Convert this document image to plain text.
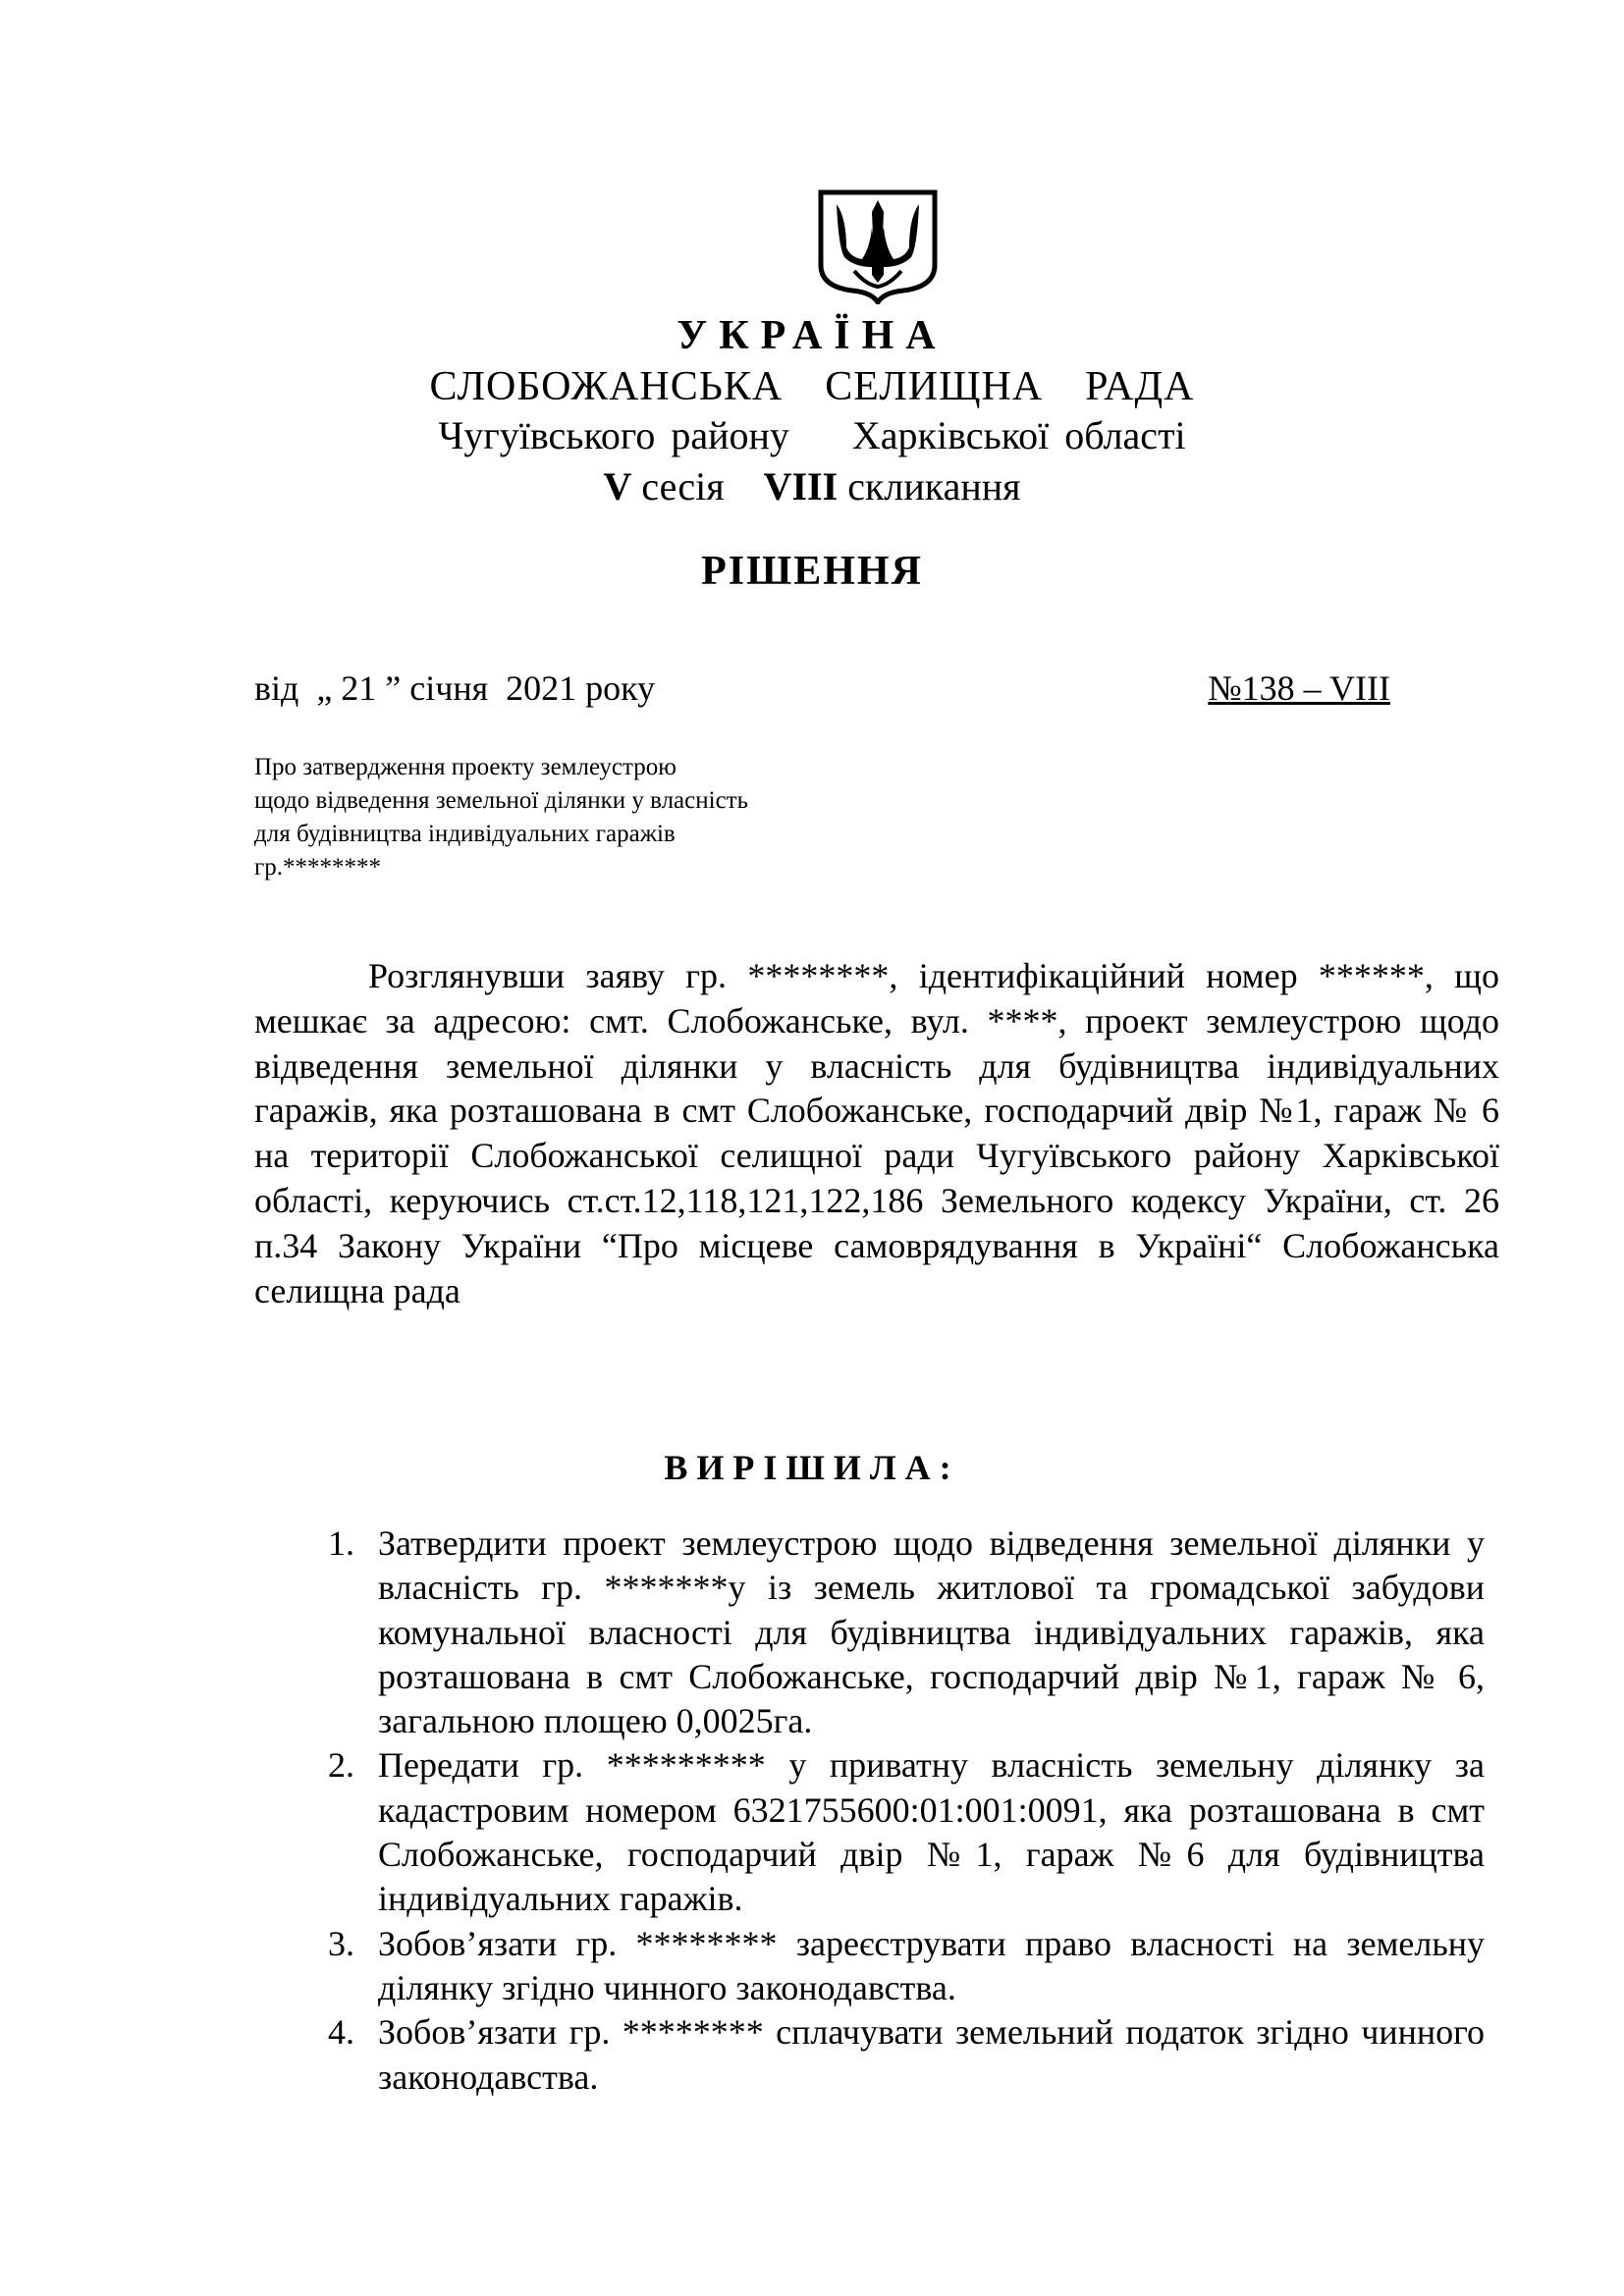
УКРАЇНА
СЛОБОЖАНСЬКА  СЕЛИЩНА  РАДА
Чугуївського району    Харківської області
V сесія VIII скликання
РІШЕННЯ
від  „ 21 ” січня  2021 року	№138 – VIII
Про затвердження проекту землеустрою
щодо відведення земельної ділянки у власність
для будівництва індивідуальних гаражів
гр.********
Розглянувши заяву гр. ********, ідентифікаційний номер ******, що мешкає за адресою: смт. Слобожанське, вул. ****, проект землеустрою щодо відведення земельної ділянки у власність для будівництва індивідуальних гаражів, яка розташована в смт Слобожанське, господарчий двір №1, гараж № 6 на території Слобожанської селищної ради Чугуївського району Харківської області, керуючись ст.ст.12,118,121,122,186 Земельного кодексу України, ст. 26 п.34 Закону України “Про місцеве самоврядування в Україні“ Слобожанська селищна рада
ВИРІШИЛА:
1. Затвердити проект землеустрою щодо відведення земельної ділянки у власність гр. *******у із земель житлової та громадської забудови комунальної власності для будівництва індивідуальних гаражів, яка розташована в смт Слобожанське, господарчий двір №1, гараж № 6, загальною площею 0,0025га.
2. Передати гр. ********* у приватну власність земельну ділянку за кадастровим номером 6321755600:01:001:0091, яка розташована в смт Слобожанське, господарчий двір №1, гараж №6 для будівництва індивідуальних гаражів.
3. Зобов’язати гр. ******** зареєструвати право власності на земельну ділянку згідно чинного законодавства.
4. Зобов’язати гр. ******** сплачувати земельний податок згідно чинного законодавства.
